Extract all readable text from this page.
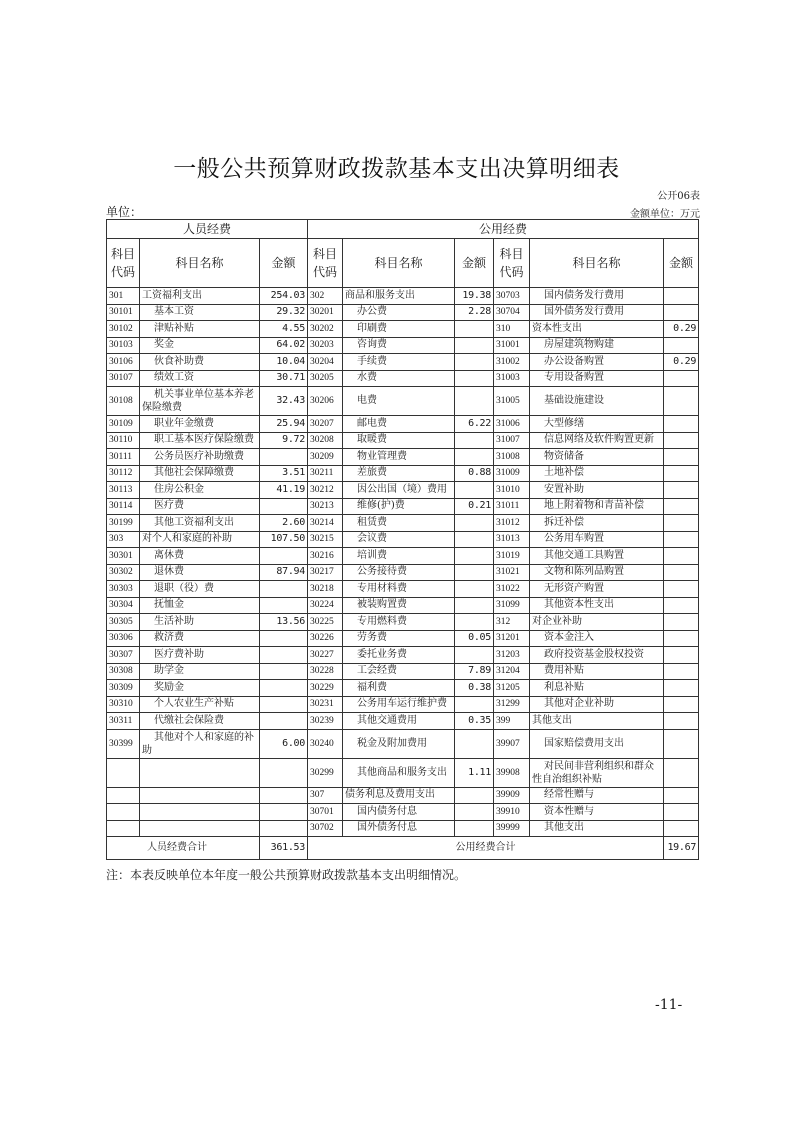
一般公共预算财政拨款基本支出决算明细表
公开06表
单位：	金额单位：万元
人员经费			公用经费					
科目代码	科目名称	金额	科目代码	科目名称	金额	科目代码	科目名称	金额
301	工资福利支出	254.03	302	商品和服务支出	19.38	30703	国内债务发行费用	
30101	基本工资	29.32	30201	办公费	2.28	30704	国外债务发行费用	
30102	津贴补贴	4.55	30202	印刷费		310	资本性支出	0.29
30103	奖金	64.02	30203	咨询费		31001	房屋建筑物购建	
30106	伙食补助费	10.04	30204	手续费		31002	办公设备购置	0.29
30107	绩效工资	30.71	30205	水费		31003	专用设备购置	
30108	机关事业单位基本养老保险缴费	32.43	30206	电费		31005	基础设施建设	
30109	职业年金缴费	25.94	30207	邮电费	6.22	31006	大型修缮	
30110	职工基本医疗保险缴费	9.72	30208	取暖费		31007	信息网络及软件购置更新	
30111	公务员医疗补助缴费		30209	物业管理费		31008	物资储备	
30112	其他社会保障缴费	3.51	30211	差旅费	0.88	31009	土地补偿	
30113	住房公积金	41.19	30212	因公出国（境）费用		31010	安置补助	
30114	医疗费		30213	维修(护)费	0.21	31011	地上附着物和青苗补偿	
30199	其他工资福利支出	2.60	30214	租赁费		31012	拆迁补偿	
303	对个人和家庭的补助	107.50	30215	会议费		31013	公务用车购置	
30301	离休费		30216	培训费		31019	其他交通工具购置	
30302	退休费	87.94	30217	公务接待费		31021	文物和陈列品购置	
30303	退职（役）费		30218	专用材料费		31022	无形资产购置	
30304	抚恤金		30224	被装购置费		31099	其他资本性支出	
30305	生活补助	13.56	30225	专用燃料费		312	对企业补助	
30306	救济费		30226	劳务费	0.05	31201	资本金注入	
30307	医疗费补助		30227	委托业务费		31203	政府投资基金股权投资	
30308	助学金		30228	工会经费	7.89	31204	费用补贴	
30309	奖励金		30229	福利费	0.38	31205	利息补贴	
30310	个人农业生产补贴		30231	公务用车运行维护费		31299	其他对企业补助	
30311	代缴社会保险费		30239	其他交通费用	0.35	399	其他支出	
30399	其他对个人和家庭的补助	6.00	30240	税金及附加费用		39907	国家赔偿费用支出	
			30299	其他商品和服务支出	1.11	39908	对民间非营利组织和群众性自治组织补贴	
			307	债务利息及费用支出		39909	经常性赠与	
			30701	国内债务付息		39910	资本性赠与	
			30702	国外债务付息		39999	其他支出	
人员经费合计		361.53	公用经费合计					19.67
注：本表反映单位本年度一般公共预算财政拨款基本支出明细情况。
-11-
